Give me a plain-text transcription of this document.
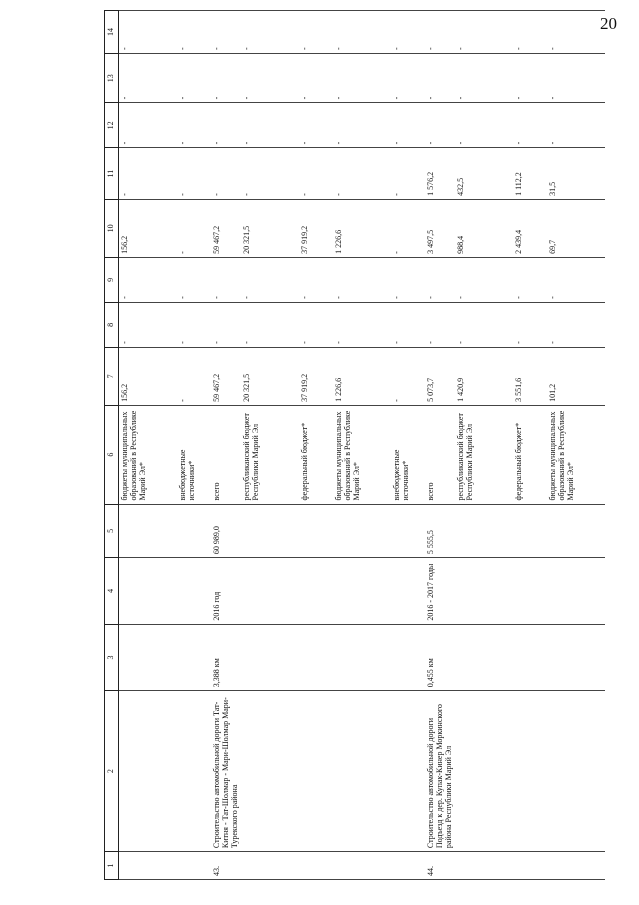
20
1	2	3	4	5	6	7	8	9	10	11	12	13	14
					бюджеты муниципальных образований в Республике Марий Эл*	156,2	-	-	156,2	-	-	-	-
					внебюджетные источники*	-	-	-	-	-	-	-	-
43.	Строительство автомобильной дороги Тат-Китня - Тат-Шолмар - Мари-Шолмар Мари-Турекского района	3,388 км	2016 год	60 989,0	всего	59 467,2	-	-	59 467,2	-	-	-	-
					республиканский бюджет Республики Марий Эл	20 321,5	-	-	20 321,5	-	-	-	-
					федеральный бюджет*	37 919,2	-	-	37 919,2	-	-	-	-
					бюджеты муниципальных образований в Республике Марий Эл*	1 226,6	-	-	1 226,6	-	-	-	-
					внебюджетные источники*	-	-	-	-	-	-	-	-
44.	Строительство автомобильной дороги Подъезд к дер. Купак-Кинер Моркинского района Республики Марий Эл	0,455 км	2016 - 2017 годы	5 555,5	всего	5 073,7	-	-	3 497,5	1 576,2	-	-	-
					республиканский бюджет Республики Марий Эл	1 420,9	-	-	988,4	432,5	-	-	-
					федеральный бюджет*	3 551,6	-	-	2 439,4	1 112,2	-	-	-
					бюджеты муниципальных образований в Республике Марий Эл*	101,2	-	-	69,7	31,5	-	-	-
